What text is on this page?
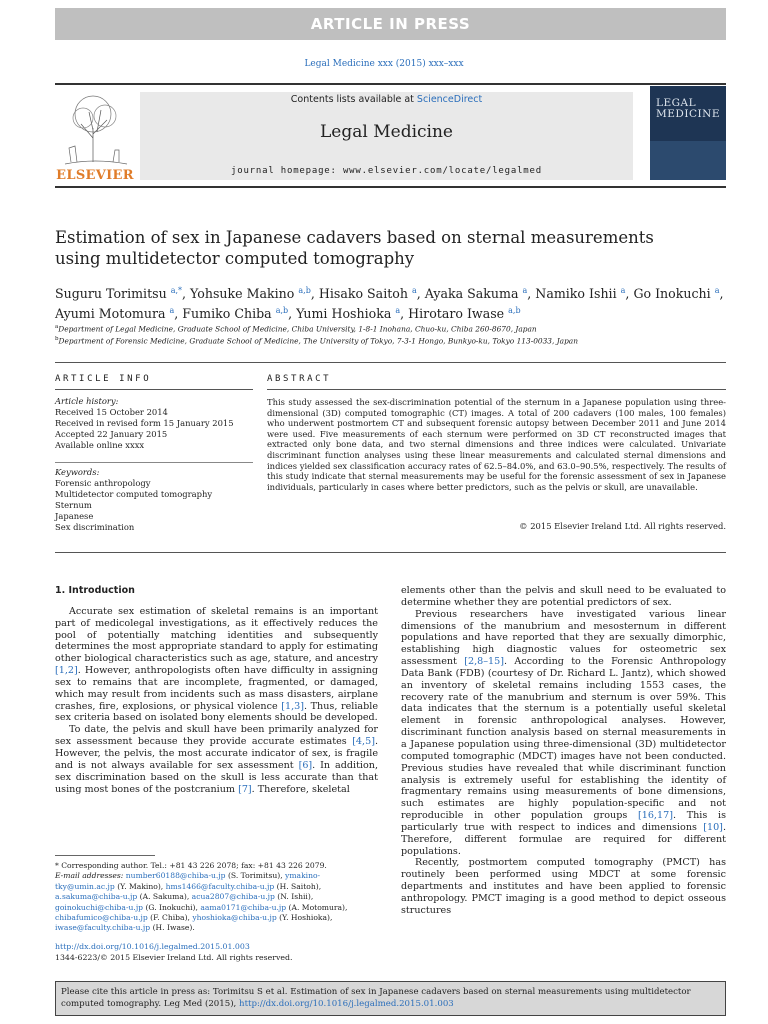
ARTICLE IN PRESS
Legal Medicine xxx (2015) xxx–xxx
ELSEVIER
Contents lists available at ScienceDirect
Legal Medicine
journal homepage: www.elsevier.com/locate/legalmed
LEGAL
MEDICINE
Estimation of sex in Japanese cadavers based on sternal measurements using multidetector computed tomography
Suguru Torimitsu $^{a,*}$, Yohsuke Makino $^{a,b}$, Hisako Saitoh $^a$, Ayaka Sakuma $^a$, Namiko Ishii $^a$, Go Inokuchi $^a$,
Ayumi Motomura $^a$, Fumiko Chiba $^{a,b}$, Yumi Hoshioka $^a$, Hirotaro Iwase $^{a,b}$
$^a$Department of Legal Medicine, Graduate School of Medicine, Chiba University, 1-8-1 Inohana, Chuo-ku, Chiba 260-8670, Japan
$^b$Department of Forensic Medicine, Graduate School of Medicine, The University of Tokyo, 7-3-1 Hongo, Bunkyo-ku, Tokyo 113-0033, Japan
ARTICLE INFO	ABSTRACT
Article history:
Received 15 October 2014
Received in revised form 15 January 2015
Accepted 22 January 2015
Available online xxxx
Keywords:
Forensic anthropology
Multidetector computed tomography
Sternum
Japanese
Sex discrimination
This study assessed the sex-discrimination potential of the sternum in a Japanese population using three-dimensional (3D) computed tomographic (CT) images. A total of 200 cadavers (100 males, 100 females) who underwent postmortem CT and subsequent forensic autopsy between December 2011 and June 2014 were used. Five measurements of each sternum were performed on 3D CT reconstructed images that extracted only bone data, and two sternal dimensions and three indices were calculated. Univariate discriminant function analyses using these linear measurements and calculated sternal dimensions and indices yielded sex classification accuracy rates of 62.5–84.0%, and 63.0–90.5%, respectively. The results of this study indicate that sternal measurements may be useful for the forensic assessment of sex in Japanese individuals, particularly in cases where better predictors, such as the pelvis or skull, are unavailable.
© 2015 Elsevier Ireland Ltd. All rights reserved.
1. Introduction
Accurate sex estimation of skeletal remains is an important part of medicolegal investigations, as it effectively reduces the pool of potentially matching identities and subsequently determines the most appropriate standard to apply for estimating other biological characteristics such as age, stature, and ancestry [1,2]. However, anthropologists often have difficulty in assigning sex to remains that are incomplete, fragmented, or damaged, which may result from incidents such as mass disasters, airplane crashes, fire, explosions, or physical violence [1,3]. Thus, reliable sex criteria based on isolated bony elements should be developed.
To date, the pelvis and skull have been primarily analyzed for sex assessment because they provide accurate estimates [4,5]. However, the pelvis, the most accurate indicator of sex, is fragile and is not always available for sex assessment [6]. In addition, sex discrimination based on the skull is less accurate than that using most bones of the postcranium [7]. Therefore, skeletal
elements other than the pelvis and skull need to be evaluated to determine whether they are potential predictors of sex.
Previous researchers have investigated various linear dimensions of the manubrium and mesosternum in different populations and have reported that they are sexually dimorphic, establishing high diagnostic values for osteometric sex assessment [2,8–15]. According to the Forensic Anthropology Data Bank (FDB) (courtesy of Dr. Richard L. Jantz), which showed an inventory of skeletal remains including 1553 cases, the recovery rate of the manubrium and sternum is over 59%. This data indicates that the sternum is a potentially useful skeletal element in forensic anthropological analyses. However, discriminant function analysis based on sternal measurements in a Japanese population using three-dimensional (3D) multidetector computed tomographic (MDCT) images have not been conducted. Previous studies have revealed that while discriminant function analysis is extremely useful for establishing the identity of fragmentary remains using measurements of bone dimensions, such estimates are highly population-specific and not reproducible in other population groups [16,17]. This is particularly true with respect to indices and dimensions [10]. Therefore, different formulae are required for different populations.
Recently, postmortem computed tomography (PMCT) has routinely been performed using MDCT at some forensic departments and institutes and have been applied to forensic anthropology. PMCT imaging is a good method to depict osseous structures
* Corresponding author. Tel.: +81 43 226 2078; fax: +81 43 226 2079.
E-mail addresses: number60188@chiba-u.jp (S. Torimitsu), ymakino-tky@umin.ac.jp (Y. Makino), hms1466@faculty.chiba-u.jp (H. Saitoh), a.sakuma@chiba-u.jp (A. Sakuma), acua2807@chiba-u.jp (N. Ishii), goinokuchi@chiba-u.jp (G. Inokuchi), aama0171@chiba-u.jp (A. Motomura), chibafumico@chiba-u.jp (F. Chiba), yhoshioka@chiba-u.jp (Y. Hoshioka), iwase@faculty.chiba-u.jp (H. Iwase).
http://dx.doi.org/10.1016/j.legalmed.2015.01.003
1344-6223/© 2015 Elsevier Ireland Ltd. All rights reserved.
Please cite this article in press as: Torimitsu S et al. Estimation of sex in Japanese cadavers based on sternal measurements using multidetector computed tomography. Leg Med (2015), http://dx.doi.org/10.1016/j.legalmed.2015.01.003
